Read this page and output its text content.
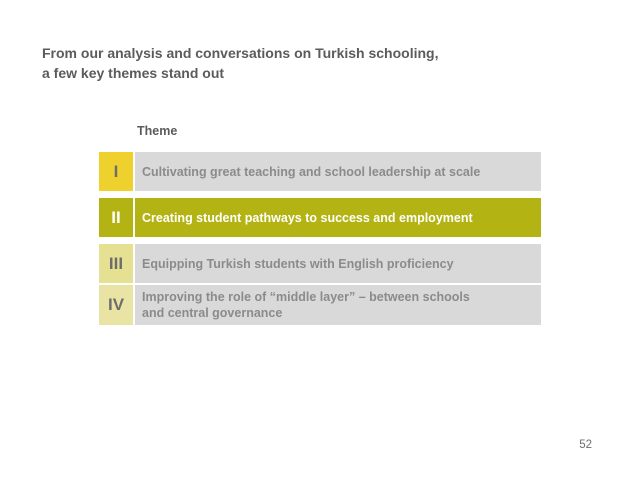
From our analysis and conversations on Turkish schooling,
a few key themes stand out
Theme
I	Cultivating great teaching and school leadership at scale
II	Creating student pathways to success and employment
III	Equipping Turkish students with English proficiency
IV	Improving the role of “middle layer” – between schools
and central governance
52
